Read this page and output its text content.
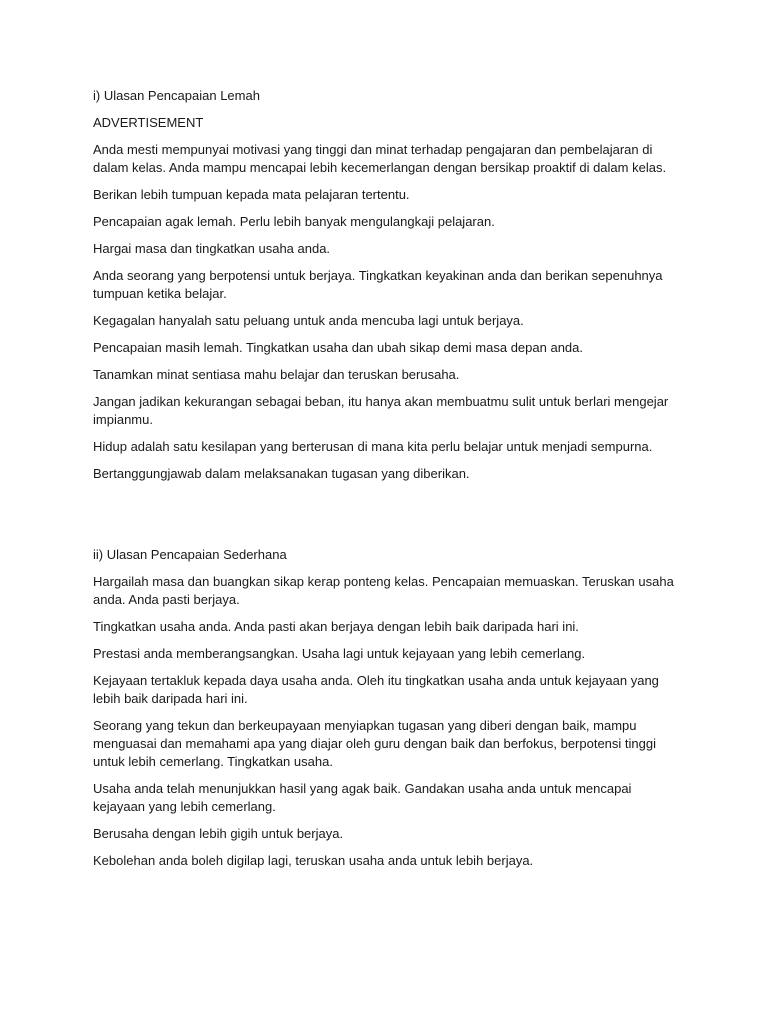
i) Ulasan Pencapaian Lemah

ADVERTISEMENT

Anda mesti mempunyai motivasi yang tinggi dan minat terhadap pengajaran dan pembelajaran di dalam kelas. Anda mampu mencapai lebih kecemerlangan dengan bersikap proaktif di dalam kelas.

Berikan lebih tumpuan kepada mata pelajaran tertentu.

Pencapaian agak lemah. Perlu lebih banyak mengulangkaji pelajaran.

Hargai masa dan tingkatkan usaha anda.

Anda seorang yang berpotensi untuk berjaya. Tingkatkan keyakinan anda dan berikan sepenuhnya tumpuan ketika belajar.

Kegagalan hanyalah satu peluang untuk anda mencuba lagi untuk berjaya.

Pencapaian masih lemah. Tingkatkan usaha dan ubah sikap demi masa depan anda.

Tanamkan minat sentiasa mahu belajar dan teruskan berusaha.

Jangan jadikan kekurangan sebagai beban, itu hanya akan membuatmu sulit untuk berlari mengejar impianmu.

Hidup adalah satu kesilapan yang berterusan di mana kita perlu belajar untuk menjadi sempurna.

Bertanggungjawab dalam melaksanakan tugasan yang diberikan.

ii) Ulasan Pencapaian Sederhana

Hargailah masa dan buangkan sikap kerap ponteng kelas. Pencapaian memuaskan. Teruskan usaha anda. Anda pasti berjaya.

Tingkatkan usaha anda. Anda pasti akan berjaya dengan lebih baik daripada hari ini.

Prestasi anda memberangsangkan. Usaha lagi untuk kejayaan yang lebih cemerlang.

Kejayaan tertakluk kepada daya usaha anda. Oleh itu tingkatkan usaha anda untuk kejayaan yang lebih baik daripada hari ini.

Seorang yang tekun dan berkeupayaan menyiapkan tugasan yang diberi dengan baik, mampu menguasai dan memahami apa yang diajar oleh guru dengan baik dan berfokus, berpotensi tinggi untuk lebih cemerlang. Tingkatkan usaha.

Usaha anda telah menunjukkan hasil yang agak baik. Gandakan usaha anda untuk mencapai kejayaan yang lebih cemerlang.

Berusaha dengan lebih gigih untuk berjaya.

Kebolehan anda boleh digilap lagi, teruskan usaha anda untuk lebih berjaya.
